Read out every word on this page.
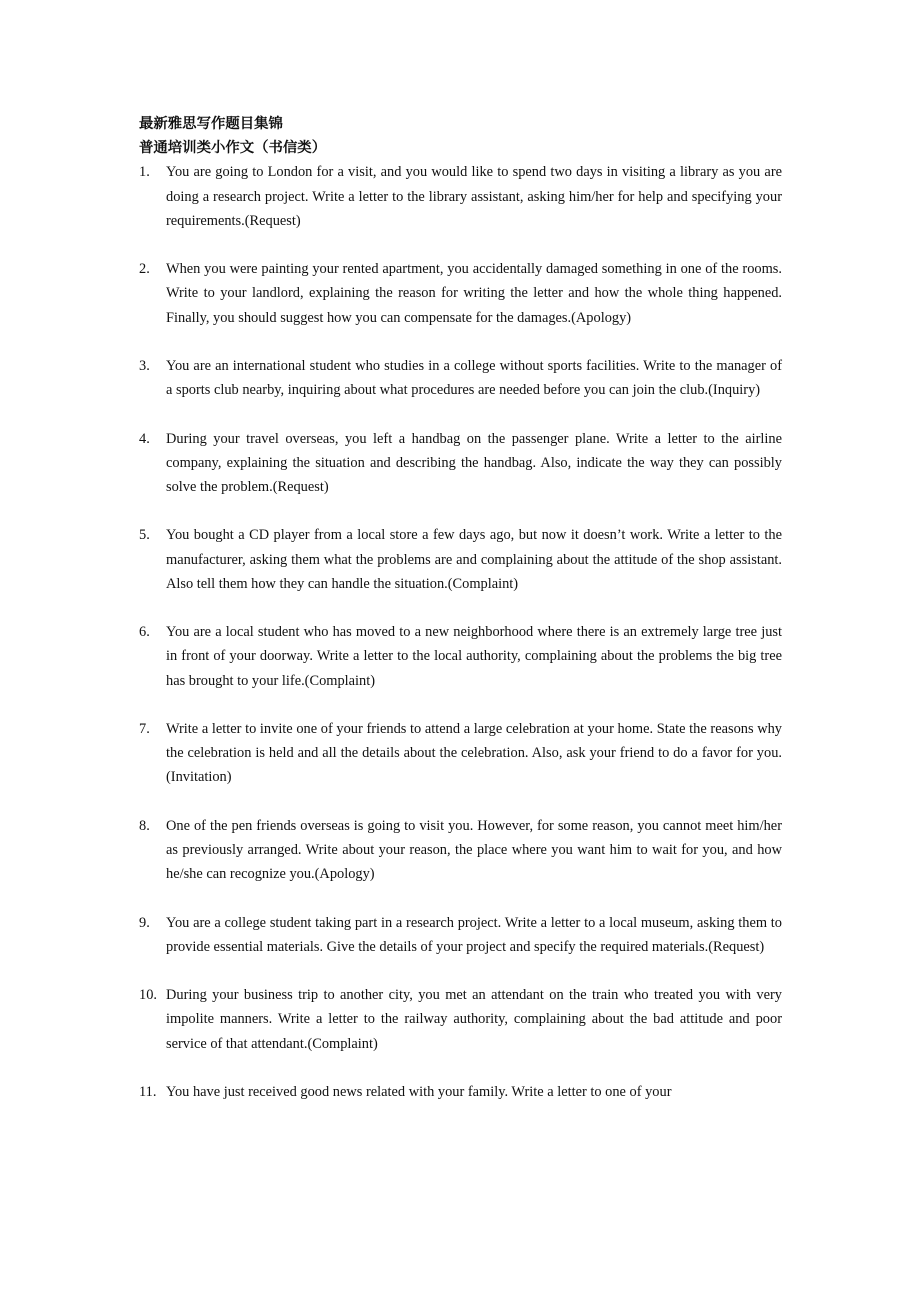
最新雅思写作题目集锦

普通培训类小作文（书信类）

1. You are going to London for a visit, and you would like to spend two days in visiting a library as you are doing a research project. Write a letter to the library assistant, asking him/her for help and specifying your requirements.(Request)
2. When you were painting your rented apartment, you accidentally damaged something in one of the rooms. Write to your landlord, explaining the reason for writing the letter and how the whole thing happened. Finally, you should suggest how you can compensate for the damages.(Apology)
3. You are an international student who studies in a college without sports facilities. Write to the manager of a sports club nearby, inquiring about what procedures are needed before you can join the club.(Inquiry)
4. During your travel overseas, you left a handbag on the passenger plane. Write a letter to the airline company, explaining the situation and describing the handbag. Also, indicate the way they can possibly solve the problem.(Request)
5. You bought a CD player from a local store a few days ago, but now it doesn’t work. Write a letter to the manufacturer, asking them what the problems are and complaining about the attitude of the shop assistant. Also tell them how they can handle the situation.(Complaint)
6. You are a local student who has moved to a new neighborhood where there is an extremely large tree just in front of your doorway. Write a letter to the local authority, complaining about the problems the big tree has brought to your life.(Complaint)
7. Write a letter to invite one of your friends to attend a large celebration at your home. State the reasons why the celebration is held and all the details about the celebration. Also, ask your friend to do a favor for you.(Invitation)
8. One of the pen friends overseas is going to visit you. However, for some reason, you cannot meet him/her as previously arranged. Write about your reason, the place where you want him to wait for you, and how he/she can recognize you.(Apology)
9. You are a college student taking part in a research project. Write a letter to a local museum, asking them to provide essential materials. Give the details of your project and specify the required materials.(Request)
10. During your business trip to another city, you met an attendant on the train who treated you with very impolite manners. Write a letter to the railway authority, complaining about the bad attitude and poor service of that attendant.(Complaint)
11. You have just received good news related with your family. Write a letter to one of your
